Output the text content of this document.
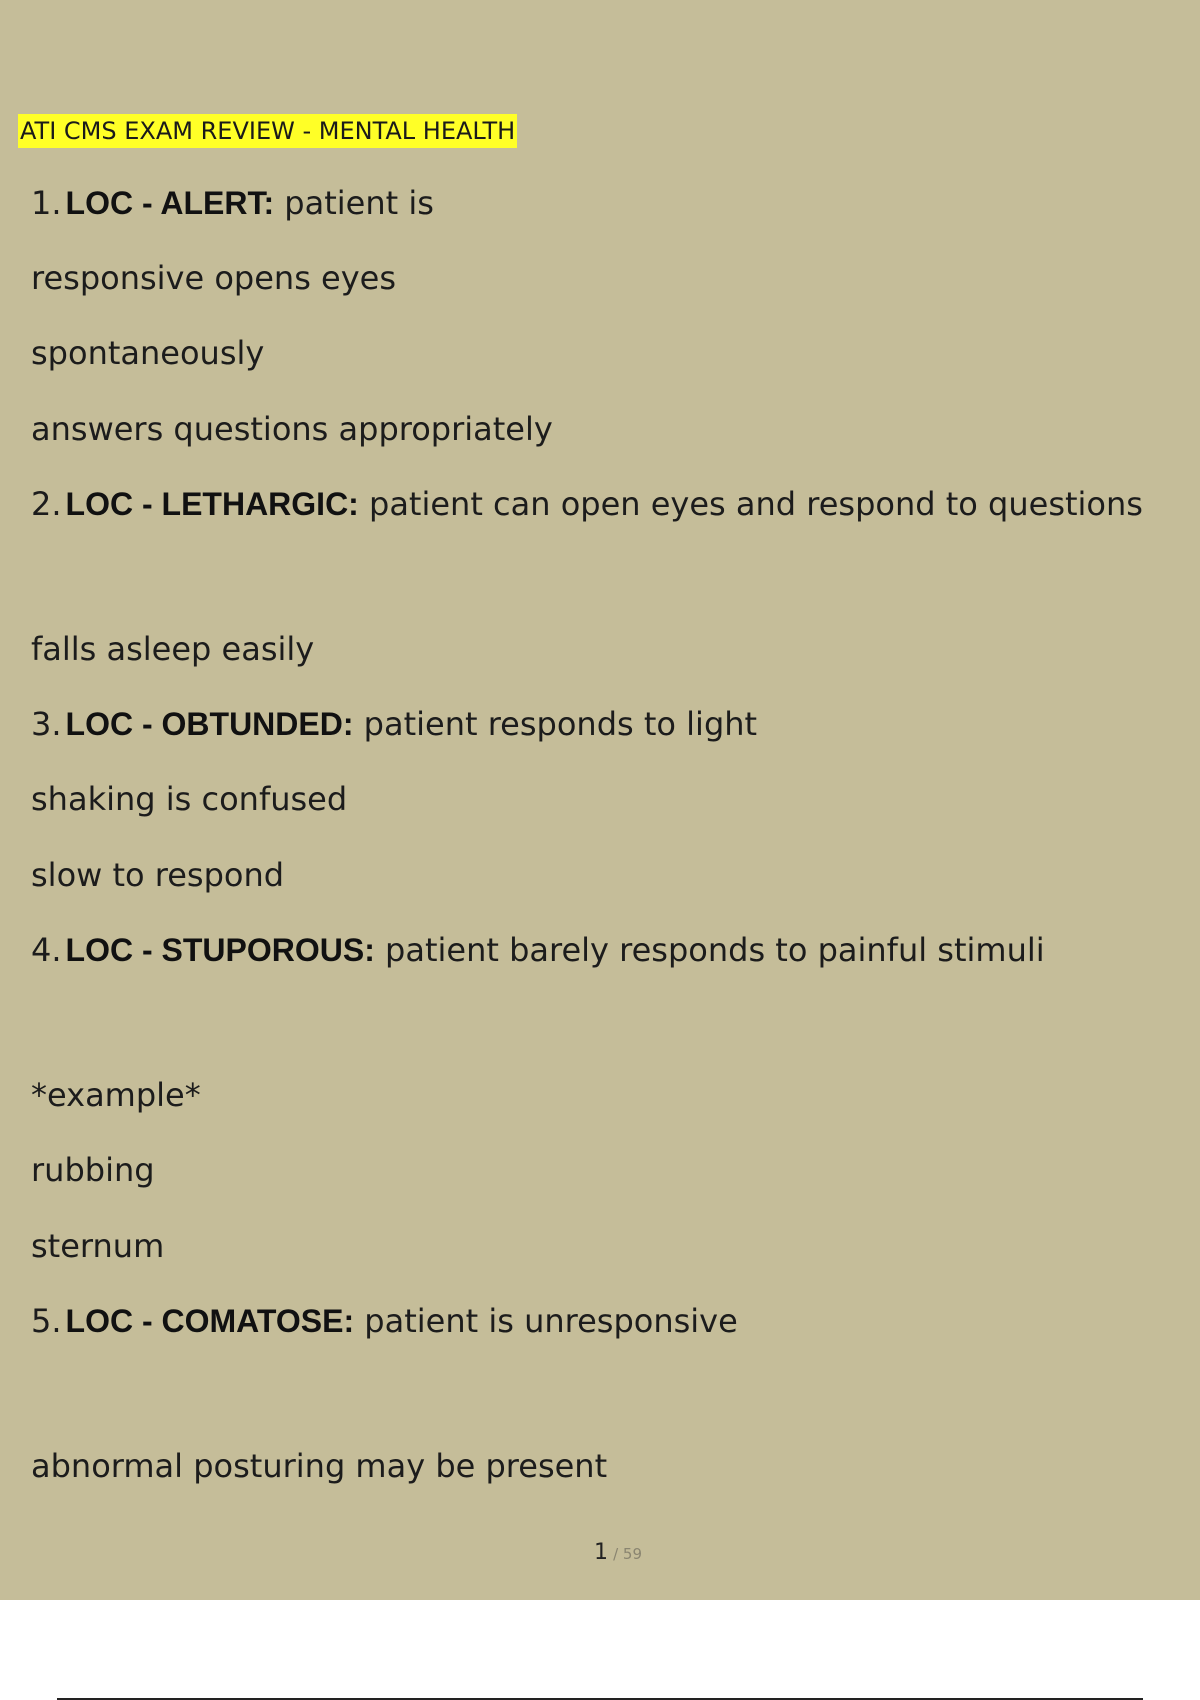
ATI CMS EXAM REVIEW - MENTAL HEALTH
1. LOC - ALERT: patient is
responsive opens eyes
spontaneously
answers questions appropriately
2. LOC - LETHARGIC: patient can open eyes and respond to questions
falls asleep easily
3. LOC - OBTUNDED: patient responds to light
shaking is confused
slow to respond
4. LOC - STUPOROUS: patient barely responds to painful stimuli
*example*
rubbing
sternum
5. LOC - COMATOSE: patient is unresponsive
abnormal posturing may be present
1 / 59
